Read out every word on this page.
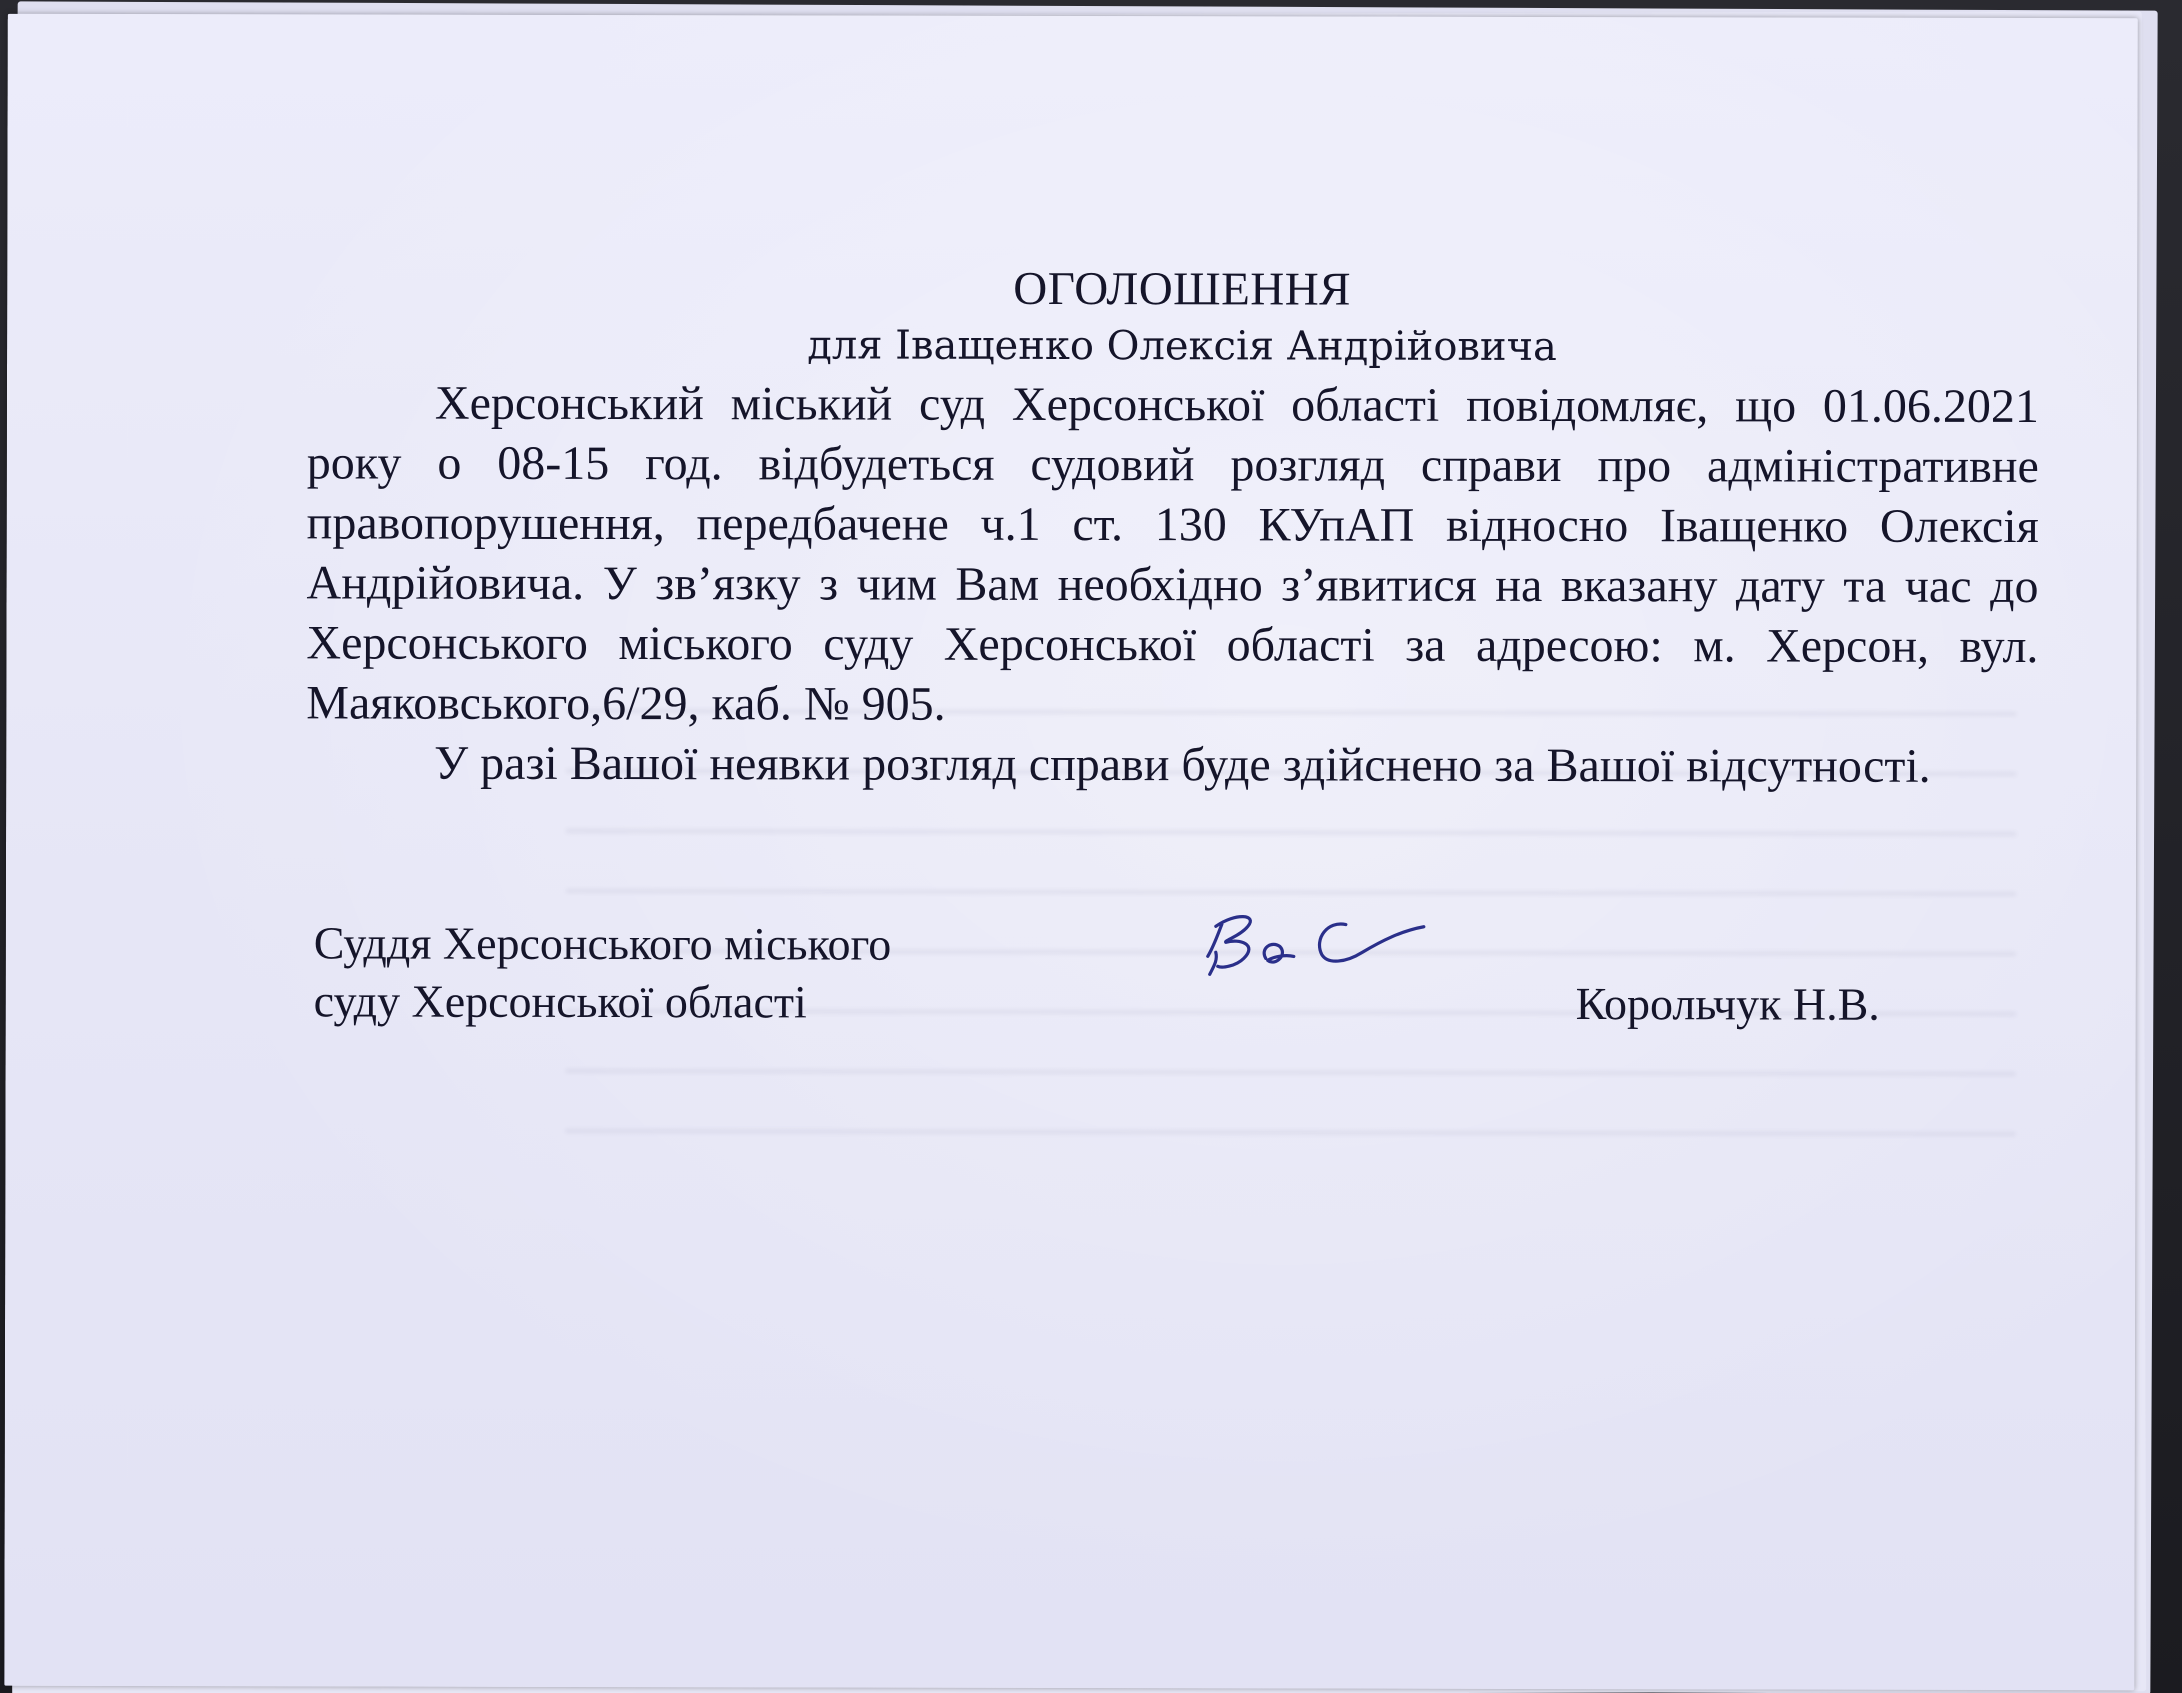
ОГОЛОШЕННЯ
для Іващенко Олексія Андрійовича

Херсонський міський суд Херсонської області повідомляє, що 01.06.2021 року о 08-15 год. відбудеться судовий розгляд справи про адміністративне правопорушення, передбачене ч.1 ст. 130 КУпАП відносно Іващенко Олексія Андрійовича. У зв’язку з чим Вам необхідно з’явитися на вказану дату та час до Херсонського міського суду Херсонської області за адресою: м. Херсон, вул. Маяковського,6/29, каб. № 905.

У разі Вашої неявки розгляд справи буде здійснено за Вашої відсутності.

Суддя Херсонського міського
суду Херсонської області	Корольчук Н.В.
